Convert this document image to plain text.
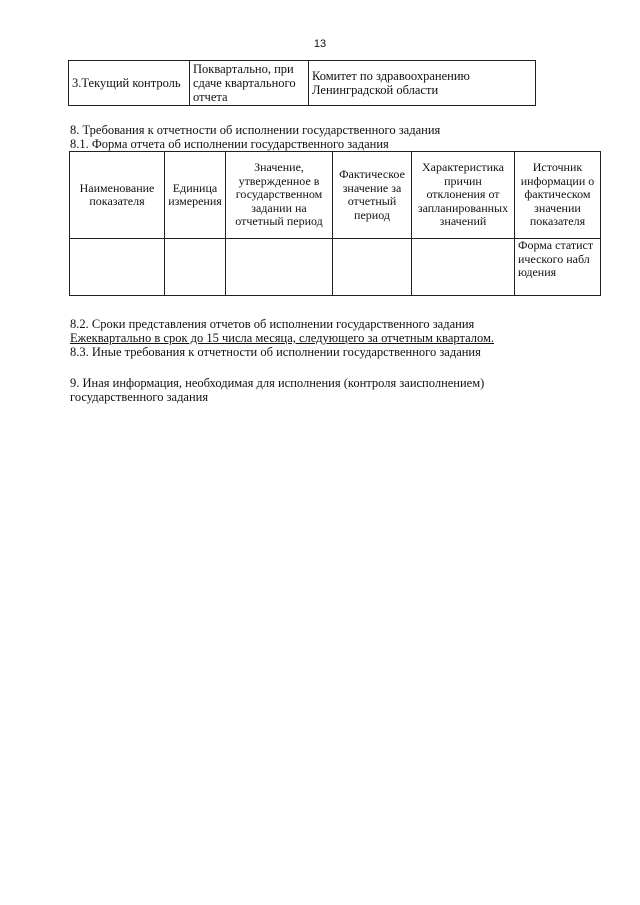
13
3.Текущий контроль	Поквартально, при сдаче квартального отчета	Комитет по здравоохранению Ленинградской области
8. Требования к отчетности об исполнении государственного задания
8.1. Форма отчета об исполнении государственного задания
Наименование показателя	Единица измерения	Значение, утвержденное в государственном задании на отчетный период	Фактическое значение за отчетный период	Характеристика причин отклонения от запланированных значений	Источник информации о фактическом значении показателя
					Форма статистического наблюдения
8.2. Сроки представления отчетов об исполнении государственного задания
Ежеквартально в срок до 15 числа месяца, следующего за отчетным кварталом.
8.3. Иные требования к отчетности об исполнении государственного задания
9. Иная информация, необходимая для исполнения (контроля заисполнением)
государственного задания
